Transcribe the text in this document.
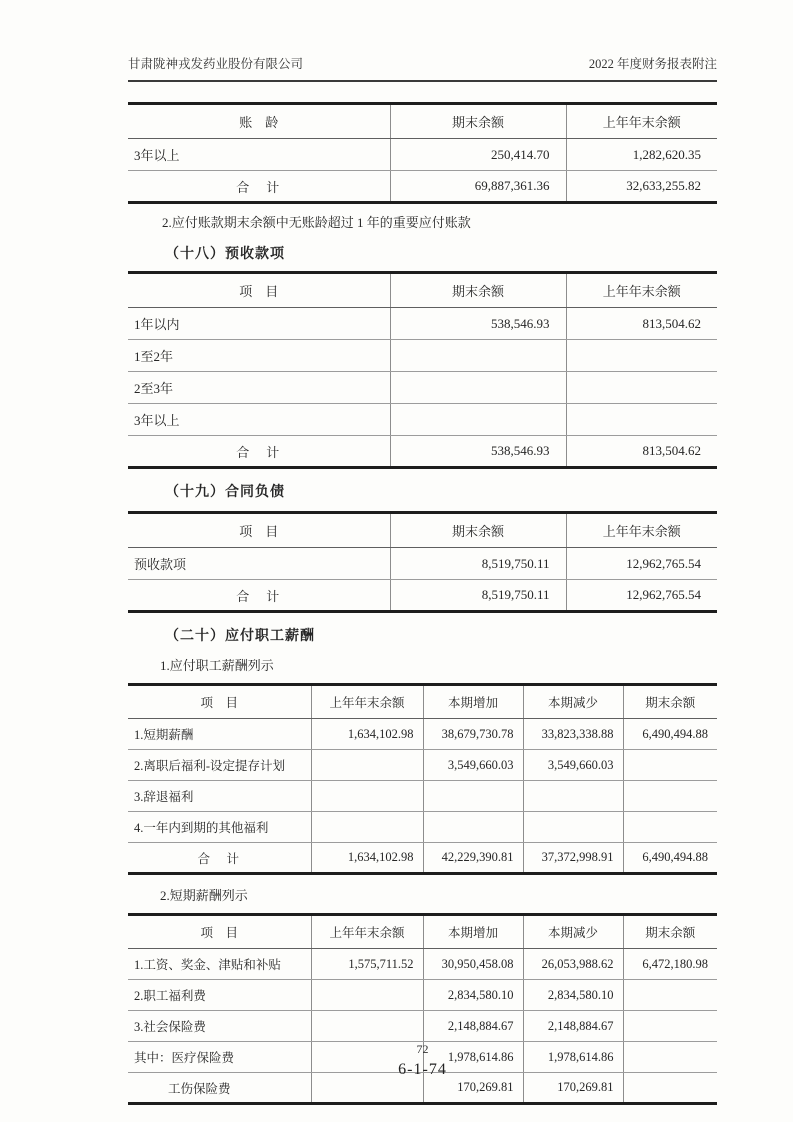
甘肃陇神戎发药业股份有限公司	2022 年度财务报表附注
账　龄	期末余额	上年年末余额
3年以上	250,414.70	1,282,620.35
合　计	69,887,361.36	32,633,255.82
2.应付账款期末余额中无账龄超过 1 年的重要应付账款
（十八）预收款项
项　目	期末余额	上年年末余额
1年以内	538,546.93	813,504.62
1至2年		
2至3年		
3年以上		
合　计	538,546.93	813,504.62
（十九）合同负债
项　目	期末余额	上年年末余额
预收款项	8,519,750.11	12,962,765.54
合　计	8,519,750.11	12,962,765.54
（二十）应付职工薪酬
1.应付职工薪酬列示
项　目	上年年末余额	本期增加	本期减少	期末余额
1.短期薪酬	1,634,102.98	38,679,730.78	33,823,338.88	6,490,494.88
2.离职后福利-设定提存计划		3,549,660.03	3,549,660.03	
3.辞退福利				
4.一年内到期的其他福利				
合　计	1,634,102.98	42,229,390.81	37,372,998.91	6,490,494.88
2.短期薪酬列示
项　目	上年年末余额	本期增加	本期减少	期末余额
1.工资、奖金、津贴和补贴	1,575,711.52	30,950,458.08	26,053,988.62	6,472,180.98
2.职工福利费		2,834,580.10	2,834,580.10	
3.社会保险费		2,148,884.67	2,148,884.67	
其中：医疗保险费		1,978,614.86	1,978,614.86	
工伤保险费		170,269.81	170,269.81	
72
6-1-74
